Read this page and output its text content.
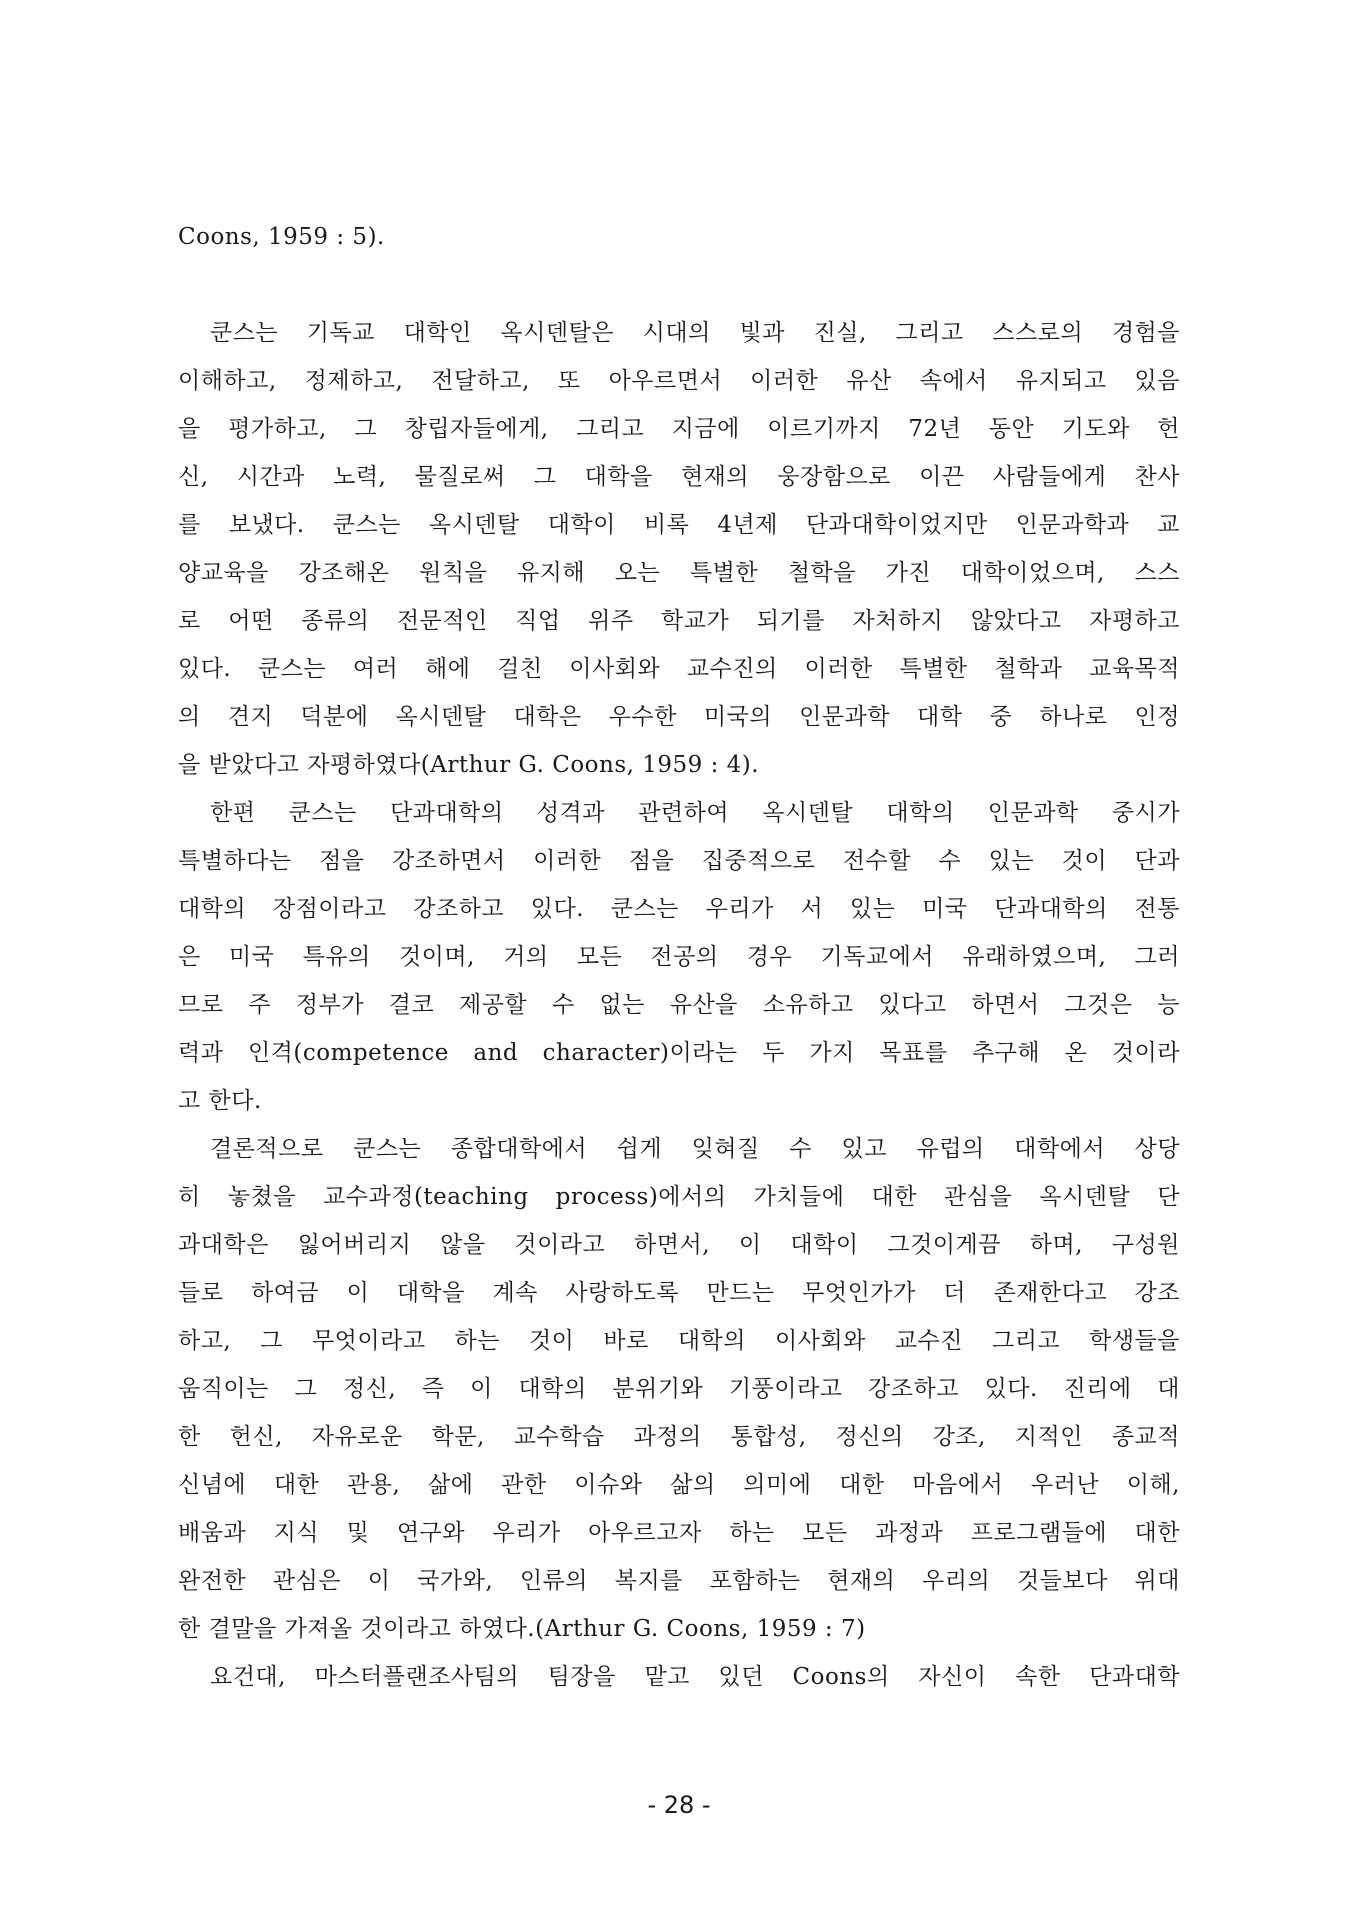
Coons, 1959 : 5).
쿤스는 기독교 대학인 옥시덴탈은 시대의 빛과 진실, 그리고 스스로의 경험을
이해하고, 정제하고, 전달하고, 또 아우르면서 이러한 유산 속에서 유지되고 있음
을 평가하고, 그 창립자들에게, 그리고 지금에 이르기까지 72년 동안 기도와 헌
신, 시간과 노력, 물질로써 그 대학을 현재의 웅장함으로 이끈 사람들에게 찬사
를 보냈다. 쿤스는 옥시덴탈 대학이 비록 4년제 단과대학이었지만 인문과학과 교
양교육을 강조해온 원칙을 유지해 오는 특별한 철학을 가진 대학이었으며, 스스
로 어떤 종류의 전문적인 직업 위주 학교가 되기를 자처하지 않았다고 자평하고
있다. 쿤스는 여러 해에 걸친 이사회와 교수진의 이러한 특별한 철학과 교육목적
의 견지 덕분에 옥시덴탈 대학은 우수한 미국의 인문과학 대학 중 하나로 인정
을 받았다고 자평하였다(Arthur G. Coons, 1959 : 4).
한편 쿤스는 단과대학의 성격과 관련하여 옥시덴탈 대학의 인문과학 중시가
특별하다는 점을 강조하면서 이러한 점을 집중적으로 전수할 수 있는 것이 단과
대학의 장점이라고 강조하고 있다. 쿤스는 우리가 서 있는 미국 단과대학의 전통
은 미국 특유의 것이며, 거의 모든 전공의 경우 기독교에서 유래하였으며, 그러
므로 주 정부가 결코 제공할 수 없는 유산을 소유하고 있다고 하면서 그것은 능
력과 인격(competence and character)이라는 두 가지 목표를 추구해 온 것이라
고 한다.
결론적으로 쿤스는 종합대학에서 쉽게 잊혀질 수 있고 유럽의 대학에서 상당
히 놓쳤을 교수과정(teaching process)에서의 가치들에 대한 관심을 옥시덴탈 단
과대학은 잃어버리지 않을 것이라고 하면서, 이 대학이 그것이게끔 하며, 구성원
들로 하여금 이 대학을 계속 사랑하도록 만드는 무엇인가가 더 존재한다고 강조
하고, 그 무엇이라고 하는 것이 바로 대학의 이사회와 교수진 그리고 학생들을
움직이는 그 정신, 즉 이 대학의 분위기와 기풍이라고 강조하고 있다. 진리에 대
한 헌신, 자유로운 학문, 교수학습 과정의 통합성, 정신의 강조, 지적인 종교적
신념에 대한 관용, 삶에 관한 이슈와 삶의 의미에 대한 마음에서 우러난 이해,
배움과 지식 및 연구와 우리가 아우르고자 하는 모든 과정과 프로그램들에 대한
완전한 관심은 이 국가와, 인류의 복지를 포함하는 현재의 우리의 것들보다 위대
한 결말을 가져올 것이라고 하였다.(Arthur G. Coons, 1959 : 7)
요건대, 마스터플랜조사팀의 팀장을 맡고 있던 Coons의 자신이 속한 단과대학
- 28 -
